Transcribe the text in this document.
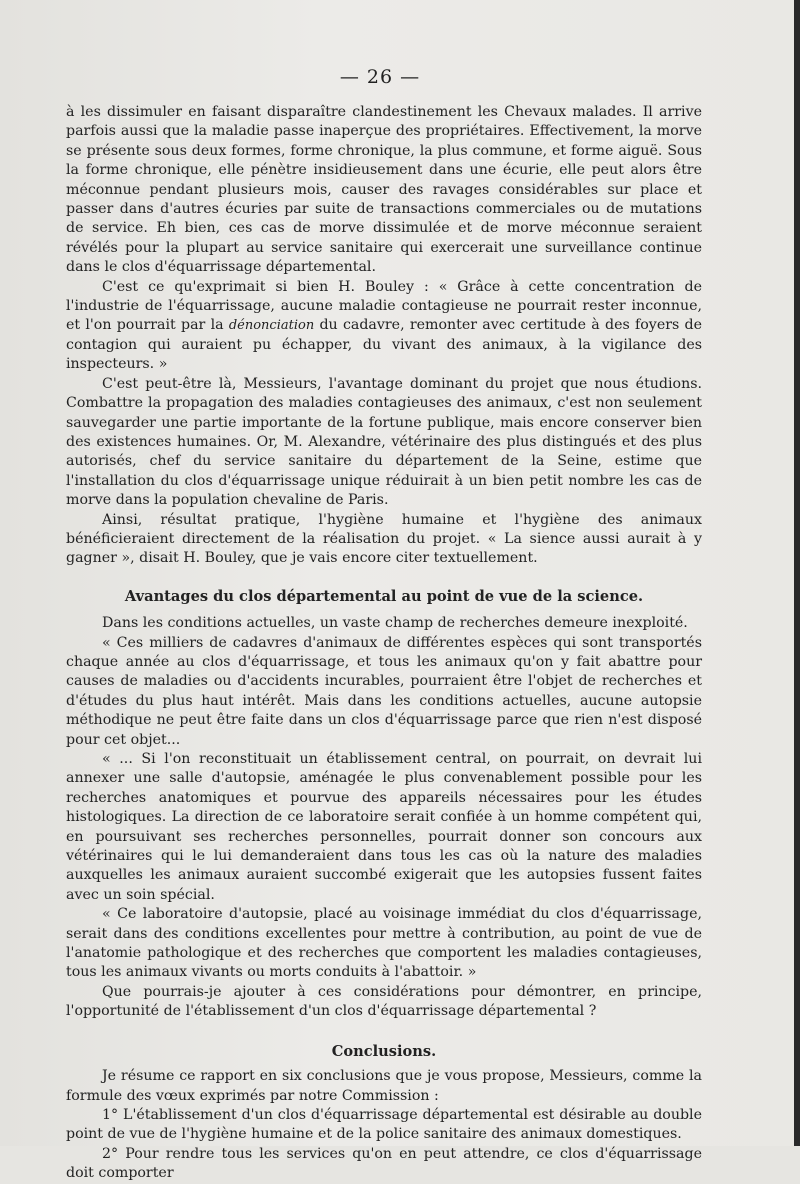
— 26 —

à les dissimuler en faisant disparaître clandestinement les Chevaux malades. Il arrive parfois aussi que la maladie passe inaperçue des propriétaires. Effectivement, la morve se présente sous deux formes, forme chronique, la plus commune, et forme aiguë. Sous la forme chronique, elle pénètre insidieusement dans une écurie, elle peut alors être méconnue pendant plusieurs mois, causer des ravages considérables sur place et passer dans d'autres écuries par suite de transactions commerciales ou de mutations de service. Eh bien, ces cas de morve dissimulée et de morve méconnue seraient révélés pour la plupart au service sanitaire qui exercerait une surveillance continue dans le clos d'équarrissage départemental.

C'est ce qu'exprimait si bien H. Bouley : « Grâce à cette concentration de l'industrie de l'équarrissage, aucune maladie contagieuse ne pourrait rester inconnue, et l'on pourrait par la dénonciation du cadavre, remonter avec certitude à des foyers de contagion qui auraient pu échapper, du vivant des animaux, à la vigilance des inspecteurs. »

C'est peut-être là, Messieurs, l'avantage dominant du projet que nous étudions. Combattre la propagation des maladies contagieuses des animaux, c'est non seulement sauvegarder une partie importante de la fortune publique, mais encore conserver bien des existences humaines. Or, M. Alexandre, vétérinaire des plus distingués et des plus autorisés, chef du service sanitaire du département de la Seine, estime que l'installation du clos d'équarrissage unique réduirait à un bien petit nombre les cas de morve dans la population chevaline de Paris.

Ainsi, résultat pratique, l'hygiène humaine et l'hygiène des animaux bénéficieraient directement de la réalisation du projet. « La sience aussi aurait à y gagner », disait H. Bouley, que je vais encore citer textuellement.

Avantages du clos départemental au point de vue de la science.

Dans les conditions actuelles, un vaste champ de recherches demeure inexploité.

« Ces milliers de cadavres d'animaux de différentes espèces qui sont transportés chaque année au clos d'équarrissage, et tous les animaux qu'on y fait abattre pour causes de maladies ou d'accidents incurables, pourraient être l'objet de recherches et d'études du plus haut intérêt. Mais dans les conditions actuelles, aucune autopsie méthodique ne peut être faite dans un clos d'équarrissage parce que rien n'est disposé pour cet objet...

« ... Si l'on reconstituait un établissement central, on pourrait, on devrait lui annexer une salle d'autopsie, aménagée le plus convenablement possible pour les recherches anatomiques et pourvue des appareils nécessaires pour les études histologiques. La direction de ce laboratoire serait confiée à un homme compétent qui, en poursuivant ses recherches personnelles, pourrait donner son concours aux vétérinaires qui le lui demanderaient dans tous les cas où la nature des maladies auxquelles les animaux auraient succombé exigerait que les autopsies fussent faites avec un soin spécial.

« Ce laboratoire d'autopsie, placé au voisinage immédiat du clos d'équarrissage, serait dans des conditions excellentes pour mettre à contribution, au point de vue de l'anatomie pathologique et des recherches que comportent les maladies contagieuses, tous les animaux vivants ou morts conduits à l'abattoir. »

Que pourrais-je ajouter à ces considérations pour démontrer, en principe, l'opportunité de l'établissement d'un clos d'équarrissage départemental ?

Conclusions.

Je résume ce rapport en six conclusions que je vous propose, Messieurs, comme la formule des vœux exprimés par notre Commission :

1° L'établissement d'un clos d'équarrissage départemental est désirable au double point de vue de l'hygiène humaine et de la police sanitaire des animaux domestiques.

2° Pour rendre tous les services qu'on en peut attendre, ce clos d'équarrissage doit comporter
